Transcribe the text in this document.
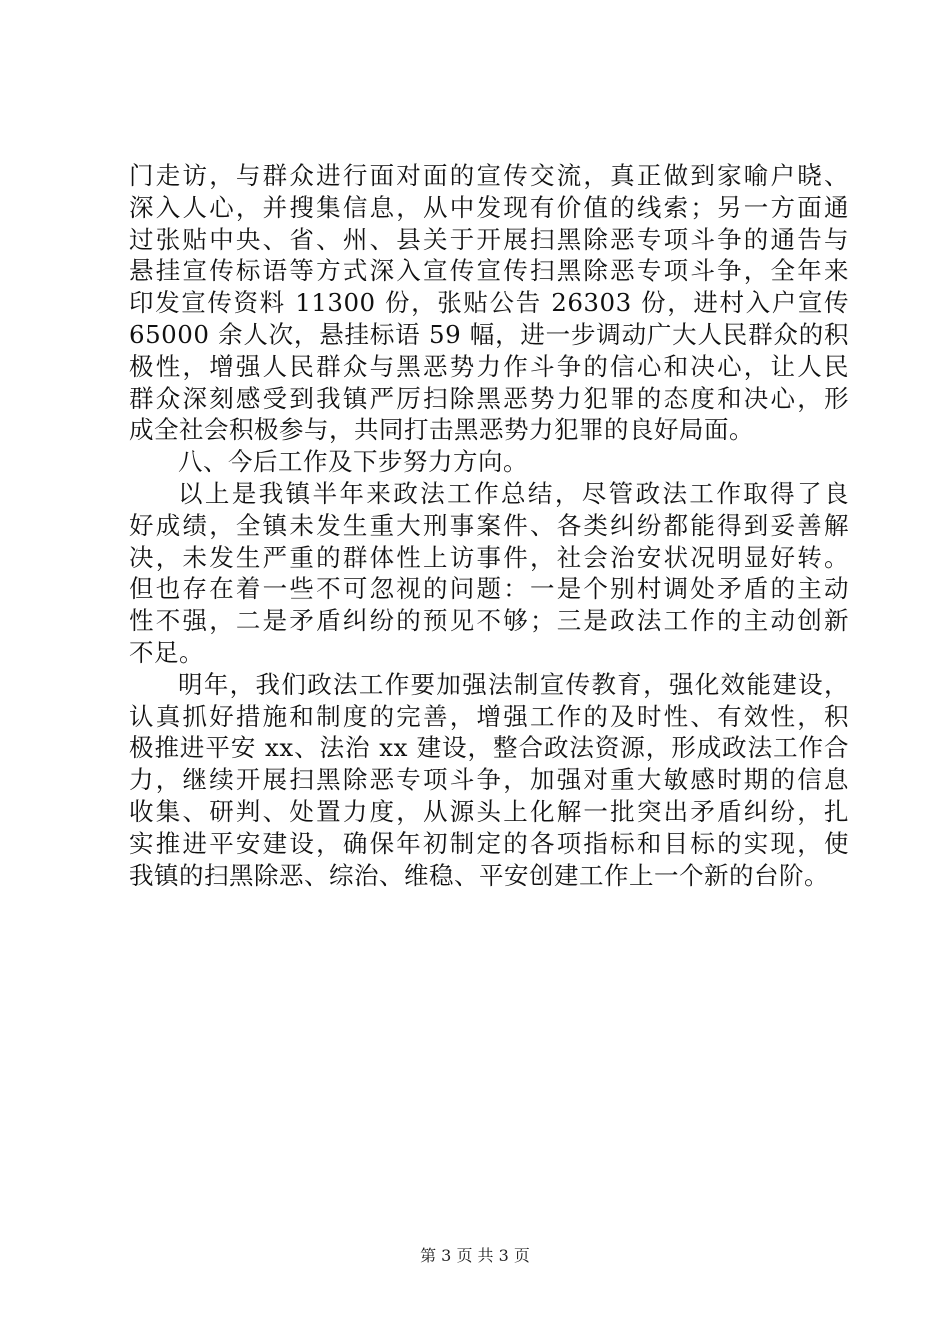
门走访，与群众进行面对面的宣传交流，真正做到家喻户晓、
深入人心，并搜集信息，从中发现有价值的线索；另一方面通
过张贴中央、省、州、县关于开展扫黑除恶专项斗争的通告与
悬挂宣传标语等方式深入宣传宣传扫黑除恶专项斗争，全年来
印发宣传资料 11300 份，张贴公告 26303 份，进村入户宣传
65000 余人次，悬挂标语 59 幅，进一步调动广大人民群众的积
极性，增强人民群众与黑恶势力作斗争的信心和决心，让人民
群众深刻感受到我镇严厉扫除黑恶势力犯罪的态度和决心，形
成全社会积极参与，共同打击黑恶势力犯罪的良好局面。
八、今后工作及下步努力方向。
以上是我镇半年来政法工作总结，尽管政法工作取得了良
好成绩，全镇未发生重大刑事案件、各类纠纷都能得到妥善解
决，未发生严重的群体性上访事件，社会治安状况明显好转。
但也存在着一些不可忽视的问题：一是个别村调处矛盾的主动
性不强，二是矛盾纠纷的预见不够；三是政法工作的主动创新
不足。
明年，我们政法工作要加强法制宣传教育，强化效能建设，
认真抓好措施和制度的完善，增强工作的及时性、有效性，积
极推进平安 xx、法治 xx 建设，整合政法资源，形成政法工作合
力，继续开展扫黑除恶专项斗争，加强对重大敏感时期的信息
收集、研判、处置力度，从源头上化解一批突出矛盾纠纷，扎
实推进平安建设，确保年初制定的各项指标和目标的实现，使
我镇的扫黑除恶、综治、维稳、平安创建工作上一个新的台阶。
第 3 页 共 3 页
